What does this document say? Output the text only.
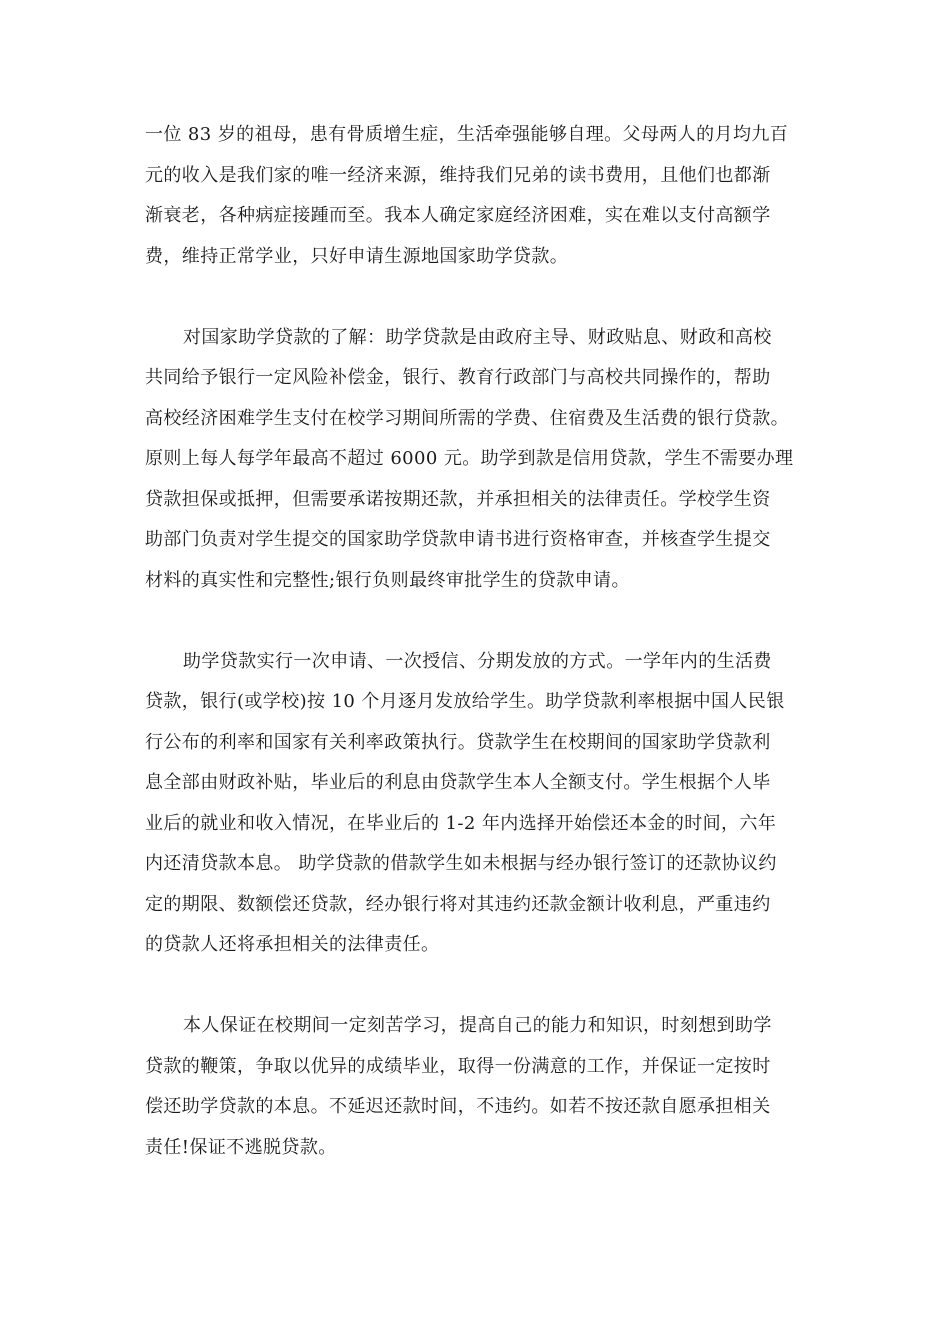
一位 83 岁的祖母，患有骨质增生症，生活牵强能够自理。父母两人的月均九百
元的收入是我们家的唯一经济来源，维持我们兄弟的读书费用，且他们也都渐
渐衰老，各种病症接踵而至。我本人确定家庭经济困难，实在难以支付高额学
费，维持正常学业，只好申请生源地国家助学贷款。

对国家助学贷款的了解：助学贷款是由政府主导、财政贴息、财政和高校
共同给予银行一定风险补偿金，银行、教育行政部门与高校共同操作的，帮助
高校经济困难学生支付在校学习期间所需的学费、住宿费及生活费的银行贷款。
原则上每人每学年最高不超过 6000 元。助学到款是信用贷款，学生不需要办理
贷款担保或抵押，但需要承诺按期还款，并承担相关的法律责任。学校学生资
助部门负责对学生提交的国家助学贷款申请书进行资格审查，并核查学生提交
材料的真实性和完整性;银行负则最终审批学生的贷款申请。

助学贷款实行一次申请、一次授信、分期发放的方式。一学年内的生活费
贷款，银行(或学校)按 10 个月逐月发放给学生。助学贷款利率根据中国人民银
行公布的利率和国家有关利率政策执行。贷款学生在校期间的国家助学贷款利
息全部由财政补贴，毕业后的利息由贷款学生本人全额支付。学生根据个人毕
业后的就业和收入情况，在毕业后的 1-2 年内选择开始偿还本金的时间，六年
内还清贷款本息。 助学贷款的借款学生如未根据与经办银行签订的还款协议约
定的期限、数额偿还贷款，经办银行将对其违约还款金额计收利息，严重违约
的贷款人还将承担相关的法律责任。

本人保证在校期间一定刻苦学习，提高自己的能力和知识，时刻想到助学
贷款的鞭策，争取以优异的成绩毕业，取得一份满意的工作，并保证一定按时
偿还助学贷款的本息。不延迟还款时间，不违约。如若不按还款自愿承担相关
责任!保证不逃脱贷款。
